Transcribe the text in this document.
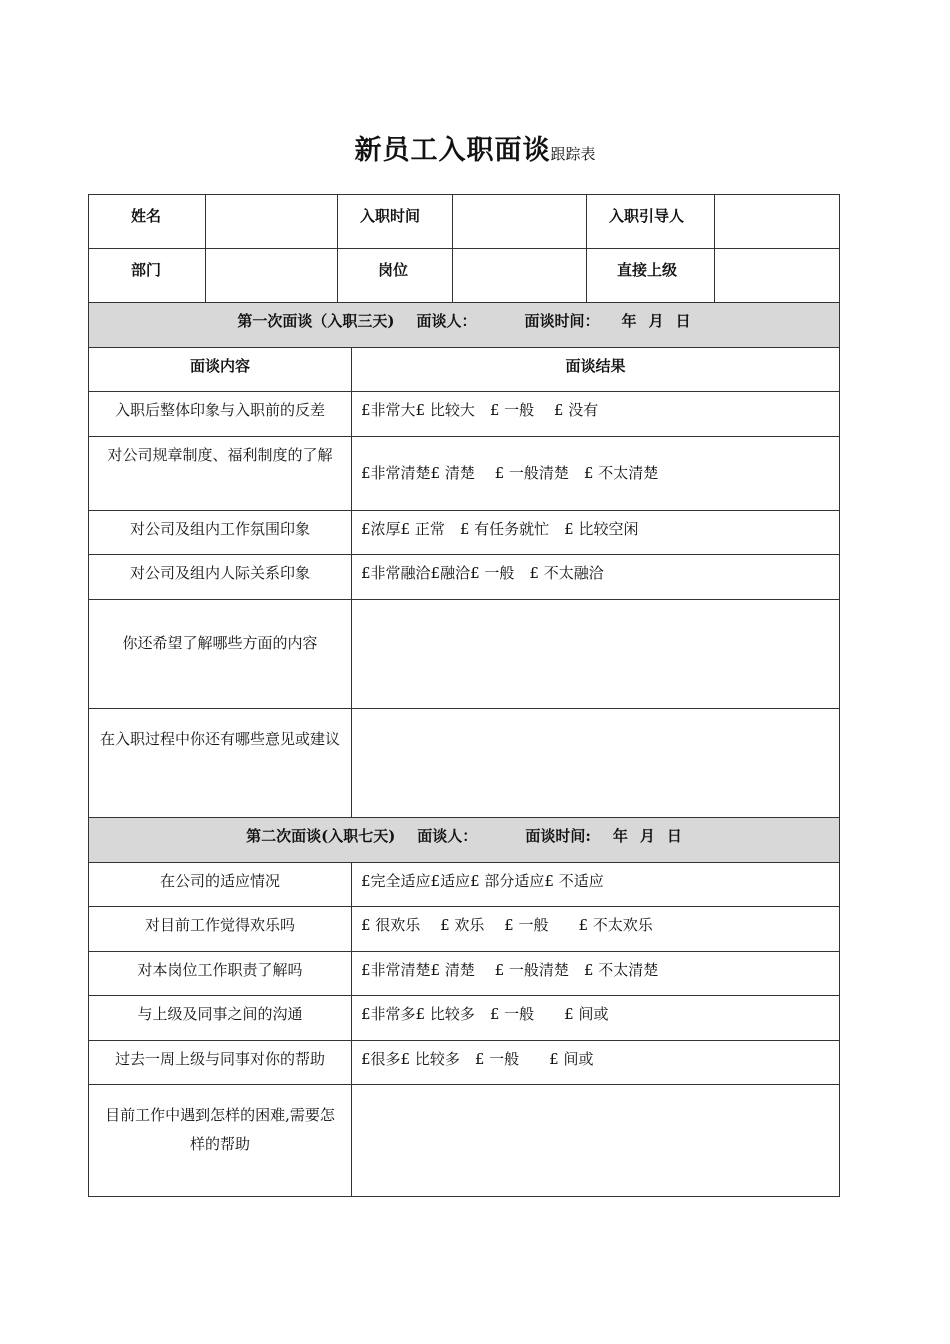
新员工入职面谈跟踪表
姓名		入职时间			入职引导人	
部门		岗位			直接上级	
第一次面谈（入职三天) 面谈人： 面谈时间： 年 月 日						
面谈内容			面谈结果			
入职后整体印象与入职前的反差			£非常大£ 比较大　£ 一般　 £ 没有			
对公司规章制度、福利制度的了解			£非常清楚£ 清楚　 £ 一般清楚　£ 不太清楚			
对公司及组内工作氛围印象			£浓厚£ 正常　£ 有任务就忙　£ 比较空闲			
对公司及组内人际关系印象			£非常融洽£融洽£ 一般　£ 不太融洽			
你还希望了解哪些方面的内容						
在入职过程中你还有哪些意见或建议						
第二次面谈(入职七天) 面谈人： 面谈时间: 年 月 日						
在公司的适应情况			£完全适应£适应£ 部分适应£ 不适应			
对目前工作觉得欢乐吗			£ 很欢乐　 £ 欢乐　 £ 一般　　£ 不太欢乐			
对本岗位工作职责了解吗			£非常清楚£ 清楚　 £ 一般清楚　£ 不太清楚			
与上级及同事之间的沟通			£非常多£ 比较多　£ 一般　　£ 间或			
过去一周上级与同事对你的帮助			£很多£ 比较多　£ 一般　　£ 间或			
目前工作中遇到怎样的困难,需要怎样的帮助						
